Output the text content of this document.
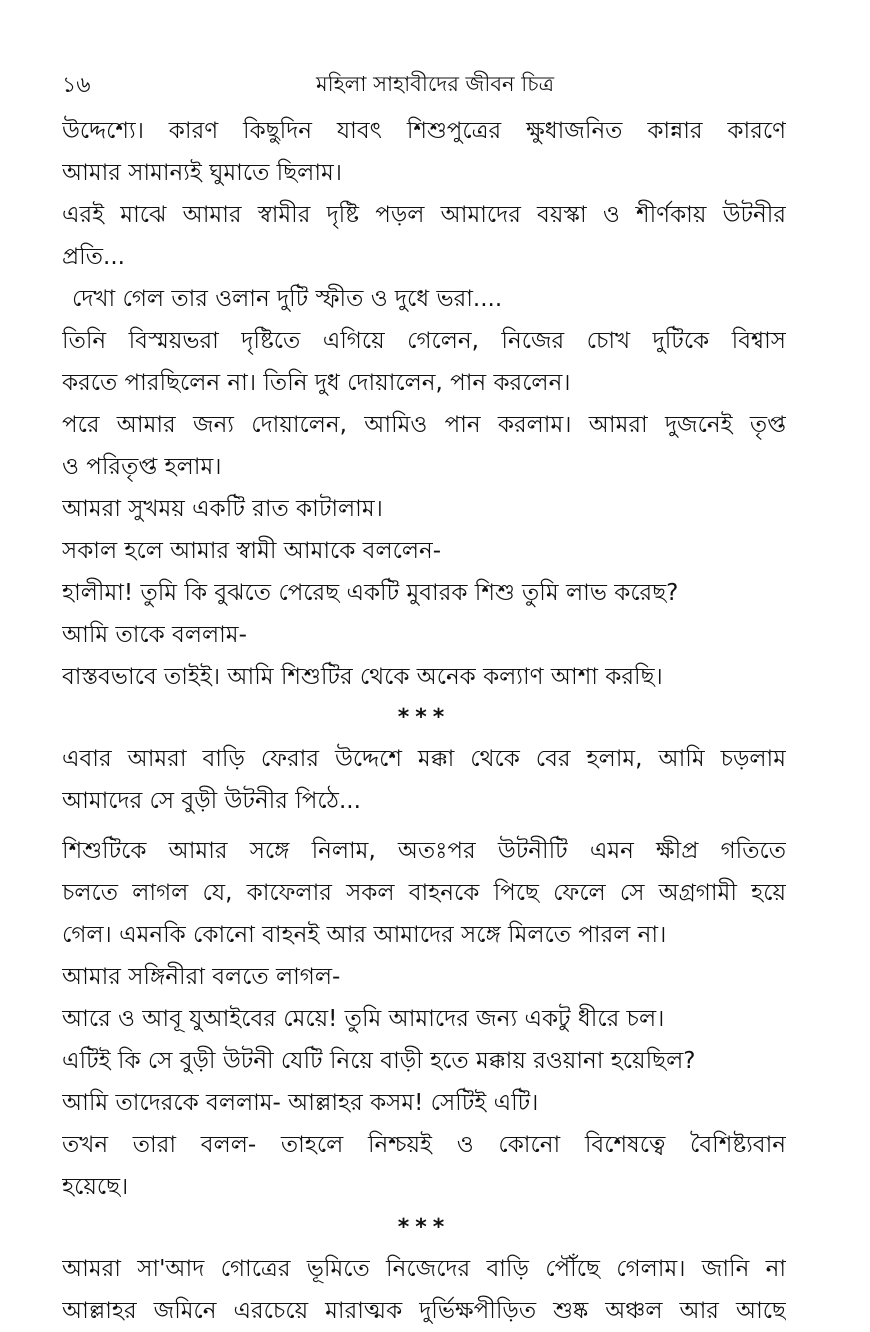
১৬	মহিলা সাহাবীদের জীবন চিত্র
উদ্দেশ্যে। কারণ কিছুদিন যাবৎ শিশুপুত্রের ক্ষুধাজনিত কান্নার কারণে
আমার সামান্যই ঘুমাতে ছিলাম।
এরই মাঝে আমার স্বামীর দৃষ্টি পড়ল আমাদের বয়স্কা ও শীর্ণকায় উটনীর
প্রতি...
দেখা গেল তার ওলান দুটি স্ফীত ও দুধে ভরা....
তিনি বিস্ময়ভরা দৃষ্টিতে এগিয়ে গেলেন, নিজের চোখ দুটিকে বিশ্বাস
করতে পারছিলেন না। তিনি দুধ দোয়ালেন, পান করলেন।
পরে আমার জন্য দোয়ালেন, আমিও পান করলাম। আমরা দুজনেই তৃপ্ত
ও পরিতৃপ্ত হলাম।
আমরা সুখময় একটি রাত কাটালাম।
সকাল হলে আমার স্বামী আমাকে বললেন-
হালীমা! তুমি কি বুঝতে পেরেছ একটি মুবারক শিশু তুমি লাভ করেছ?
আমি তাকে বললাম-
বাস্তবভাবে তাইই। আমি শিশুটির থেকে অনেক কল্যাণ আশা করছি।
***
এবার আমরা বাড়ি ফেরার উদ্দেশে মক্কা থেকে বের হলাম, আমি চড়লাম
আমাদের সে বুড়ী উটনীর পিঠে...
শিশুটিকে আমার সঙ্গে নিলাম, অতঃপর উটনীটি এমন ক্ষীপ্র গতিতে
চলতে লাগল যে, কাফেলার সকল বাহনকে পিছে ফেলে সে অগ্রগামী হয়ে
গেল। এমনকি কোনো বাহনই আর আমাদের সঙ্গে মিলতে পারল না।
আমার সঙ্গিনীরা বলতে লাগল-
আরে ও আবূ যুআইবের মেয়ে! তুমি আমাদের জন্য একটু ধীরে চল।
এটিই কি সে বুড়ী উটনী যেটি নিয়ে বাড়ী হতে মক্কায় রওয়ানা হয়েছিল?
আমি তাদেরকে বললাম- আল্লাহর কসম! সেটিই এটি।
তখন তারা বলল- তাহলে নিশ্চয়ই ও কোনো বিশেষত্বে বৈশিষ্ট্যবান
হয়েছে।
***
আমরা সা'আদ গোত্রের ভূমিতে নিজেদের বাড়ি পৌঁছে গেলাম। জানি না
আল্লাহর জমিনে এরচেয়ে মারাত্মক দুর্ভিক্ষপীড়িত শুষ্ক অঞ্চল আর আছে
